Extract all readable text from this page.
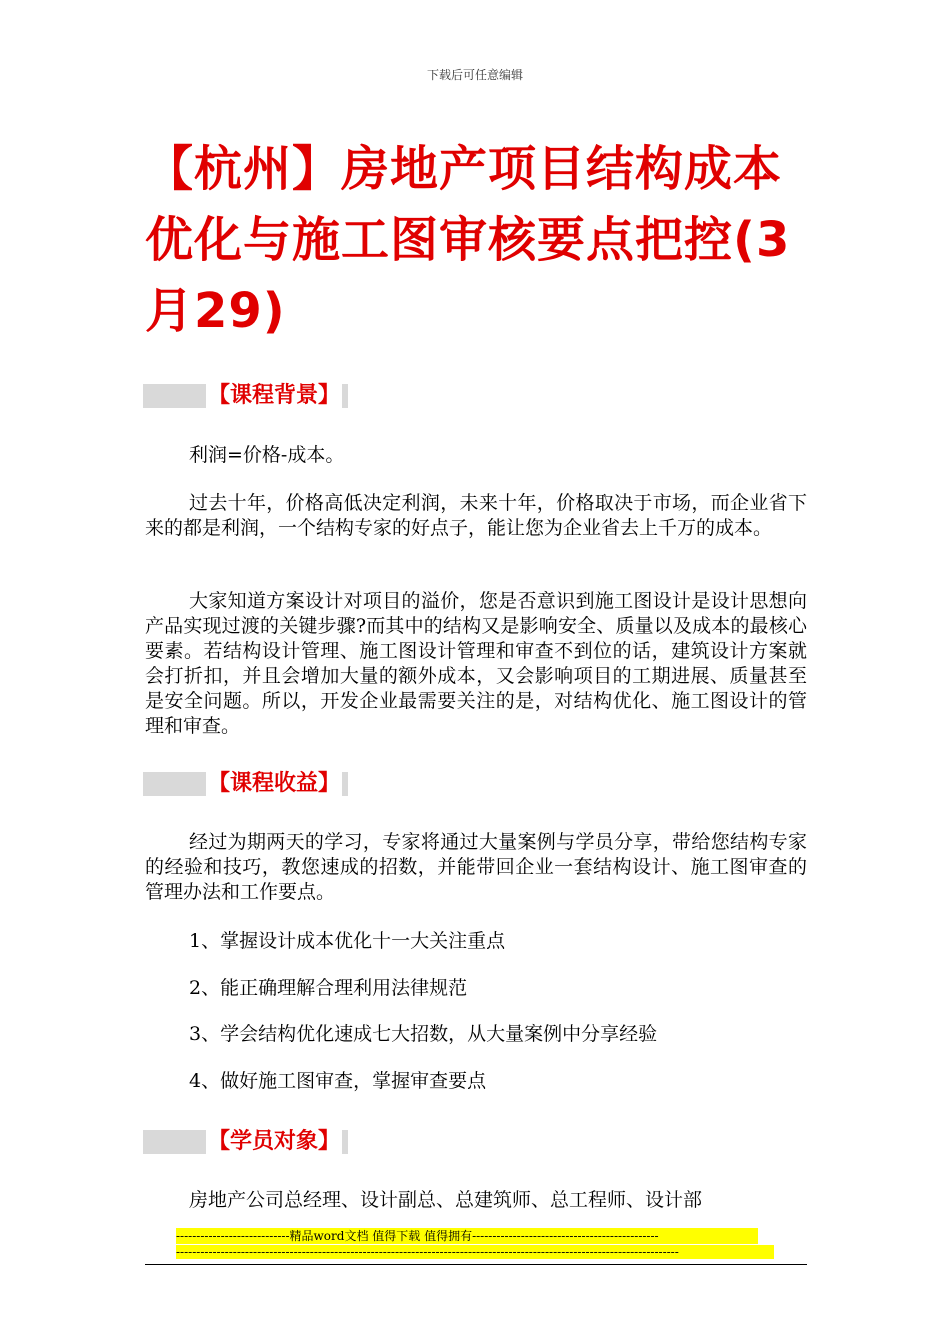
下载后可任意编辑
【杭州】房地产项目结构成本优化与施工图审核要点把控(3月29)
【课程背景】

利润=价格-成本。

过去十年，价格高低决定利润，未来十年，价格取决于市场，而企业省下来的都是利润，一个结构专家的好点子，能让您为企业省去上千万的成本。

大家知道方案设计对项目的溢价，您是否意识到施工图设计是设计思想向产品实现过渡的关键步骤?而其中的结构又是影响安全、质量以及成本的最核心要素。若结构设计管理、施工图设计管理和审查不到位的话，建筑设计方案就会打折扣，并且会增加大量的额外成本，又会影响项目的工期进展、质量甚至是安全问题。所以，开发企业最需要关注的是，对结构优化、施工图设计的管理和审查。

【课程收益】

经过为期两天的学习，专家将通过大量案例与学员分享，带给您结构专家的经验和技巧，教您速成的招数，并能带回企业一套结构设计、施工图审查的管理办法和工作要点。

1、掌握设计成本优化十一大关注重点

2、能正确理解合理利用法律规范

3、学会结构优化速成七大招数，从大量案例中分享经验

4、做好施工图审查，掌握审查要点

【学员对象】

房地产公司总经理、设计副总、总建筑师、总工程师、设计部

----------------------------精品word文档 值得下载 值得拥有----------------------------------------------
----------------------------------------------------------------------------------------------------------------------------
